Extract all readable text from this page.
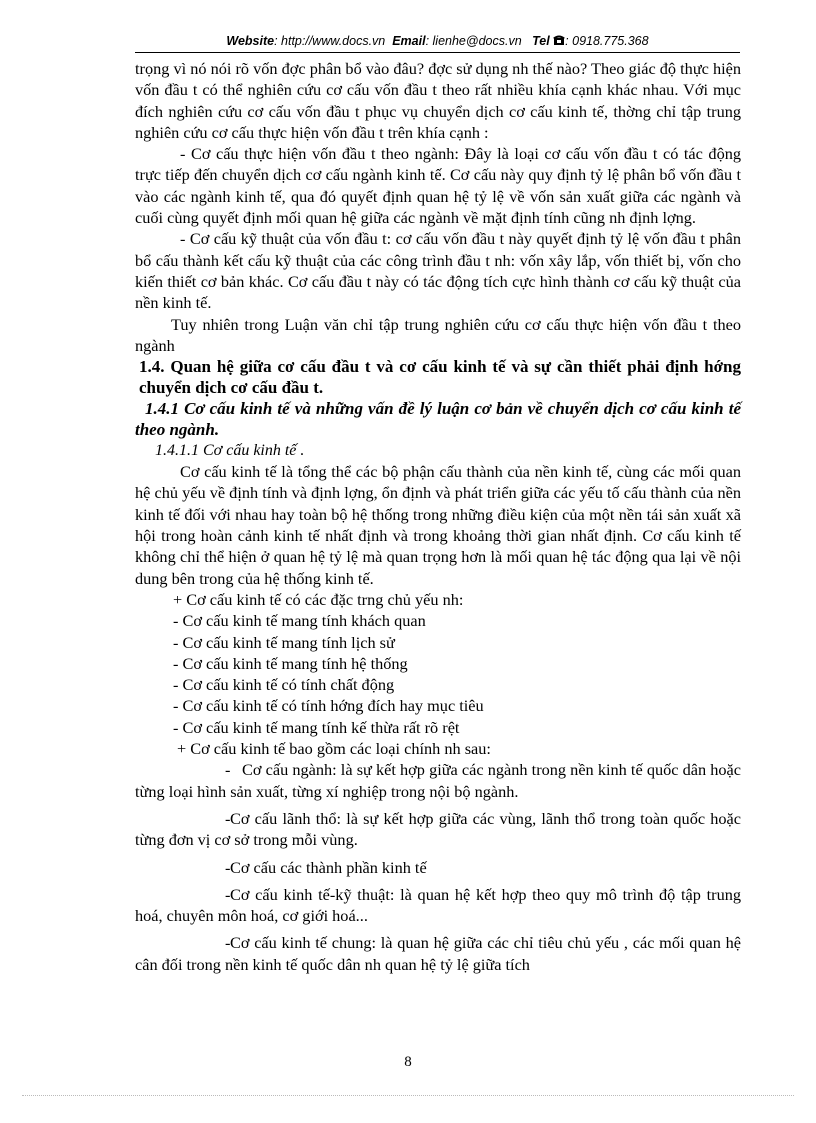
Website: http://www.docs.vn Email: lienhe@docs.vn Tel : 0918.775.368

trọng vì nó nói rõ vốn đợc phân bổ vào đâu? đợc sử dụng nh thế nào? Theo giác độ thực hiện vốn đầu t có thể nghiên cứu cơ cấu vốn đầu t theo rất nhiều khía cạnh khác nhau. Với mục đích nghiên cứu cơ cấu vốn đầu t phục vụ chuyển dịch cơ cấu kinh tế, thờng chỉ tập trung nghiên cứu cơ cấu thực hiện vốn đầu t trên khía cạnh :

- Cơ cấu thực hiện vốn đầu t theo ngành: Đây là loại cơ cấu vốn đầu t có tác động trực tiếp đến chuyển dịch cơ cấu ngành kinh tế. Cơ cấu này quy định tỷ lệ phân bổ vốn đầu t vào các ngành kinh tế, qua đó quyết định quan hệ tỷ lệ về vốn sản xuất giữa các ngành và cuối cùng quyết định mối quan hệ giữa các ngành về mặt định tính cũng nh định lợng.

- Cơ cấu kỹ thuật của vốn đầu t: cơ cấu vốn đầu t này quyết định tỷ lệ vốn đầu t phân bổ cấu thành kết cấu kỹ thuật của các công trình đầu t nh: vốn xây lắp, vốn thiết bị, vốn cho kiến thiết cơ bản khác. Cơ cấu đầu t này có tác động tích cực hình thành cơ cấu kỹ thuật của nền kinh tế.

Tuy nhiên trong Luận văn chỉ tập trung nghiên cứu cơ cấu thực hiện vốn đầu t theo ngành

1.4. Quan hệ giữa cơ cấu đầu t và cơ cấu kinh tế và sự cần thiết phải định hớng chuyển dịch cơ cấu đầu t.

1.4.1 Cơ cấu kinh tế và những vấn đề lý luận cơ bản về chuyển dịch cơ cấu kinh tế theo ngành.

1.4.1.1 Cơ cấu kinh tế .

Cơ cấu kinh tế là tổng thể các bộ phận cấu thành của nền kinh tế, cùng các mối quan hệ chủ yếu về định tính và định lợng, ổn định và phát triển giữa các yếu tố cấu thành của nền kinh tế đối với nhau hay toàn bộ hệ thống trong những điều kiện của một nền tái sản xuất xã hội trong hoàn cảnh kinh tế nhất định và trong khoảng thời gian nhất định. Cơ cấu kinh tế không chỉ thể hiện ở quan hệ tỷ lệ mà quan trọng hơn là mối quan hệ tác động qua lại về nội dung bên trong của hệ thống kinh tế.

+ Cơ cấu kinh tế có các đặc trng chủ yếu nh:

- Cơ cấu kinh tế mang tính khách quan

- Cơ cấu kinh tế mang tính lịch sử

- Cơ cấu kinh tế mang tính hệ thống

- Cơ cấu kinh tế có tính chất động

- Cơ cấu kinh tế có tính hớng đích hay mục tiêu

- Cơ cấu kinh tế mang tính kế thừa rất rõ rệt

+ Cơ cấu kinh tế bao gồm các loại chính nh sau:

- Cơ cấu ngành: là sự kết hợp giữa các ngành trong nền kinh tế quốc dân hoặc từng loại hình sản xuất, từng xí nghiệp trong nội bộ ngành.

-Cơ cấu lãnh thổ: là sự kết hợp giữa các vùng, lãnh thổ trong toàn quốc hoặc từng đơn vị cơ sở trong mỗi vùng.

-Cơ cấu các thành phần kinh tế

-Cơ cấu kinh tế-kỹ thuật: là quan hệ kết hợp theo quy mô trình độ tập trung hoá, chuyên môn hoá, cơ giới hoá...

-Cơ cấu kinh tế chung: là quan hệ giữa các chỉ tiêu chủ yếu , các mối quan hệ cân đối trong nền kinh tế quốc dân nh quan hệ tỷ lệ giữa tích

8
